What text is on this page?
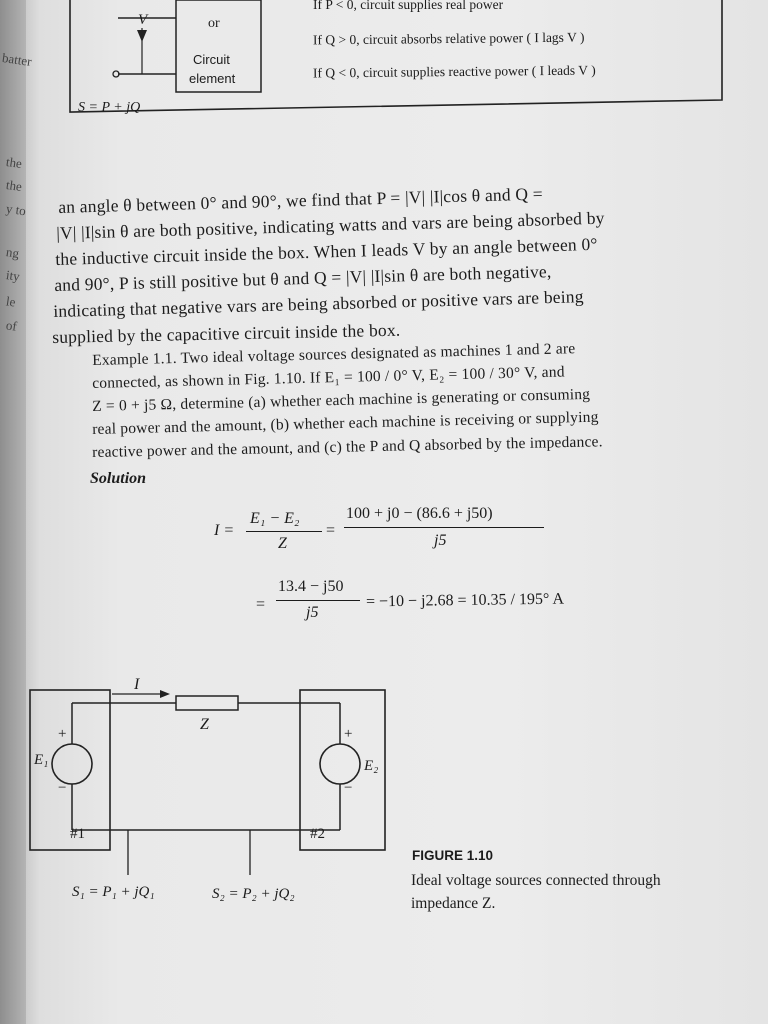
batter
the
the
y to
ng
ity
le
of
V	or
Circuit
element
S = P + jQ
If P < 0, circuit supplies real power
If Q > 0, circuit absorbs relative power ( I lags V )
If Q < 0, circuit supplies reactive power ( I leads V )
an angle θ between 0° and 90°, we find that P = |V| |I|cos θ and Q =
|V| |I|sin θ are both positive, indicating watts and vars are being absorbed by
the inductive circuit inside the box. When I leads V by an angle between 0°
and 90°, P is still positive but θ and Q = |V| |I|sin θ are both negative,
indicating that negative vars are being absorbed or positive vars are being
supplied by the capacitive circuit inside the box.
Example 1.1. Two ideal voltage sources designated as machines 1 and 2 are
connected, as shown in Fig. 1.10. If E₁ = 100 / 0° V, E₂ = 100 / 30° V, and
Z = 0 + j5 Ω, determine (a) whether each machine is generating or consuming
real power and the amount, (b) whether each machine is receiving or supplying
reactive power and the amount, and (c) the P and Q absorbed by the impedance.
Solution
I =
E₁ − E₂
Z
=
100 + j0 − (86.6 + j50)
j5
=
13.4 − j50
j5
= −10 − j2.68 = 10.35 / 195° A
I
Z
E₁	E₂
+
−
+
−
#1	#2
S₁ = P₁ + jQ₁	S₂ = P₂ + jQ₂
FIGURE 1.10
Ideal voltage sources connected through
impedance Z.
